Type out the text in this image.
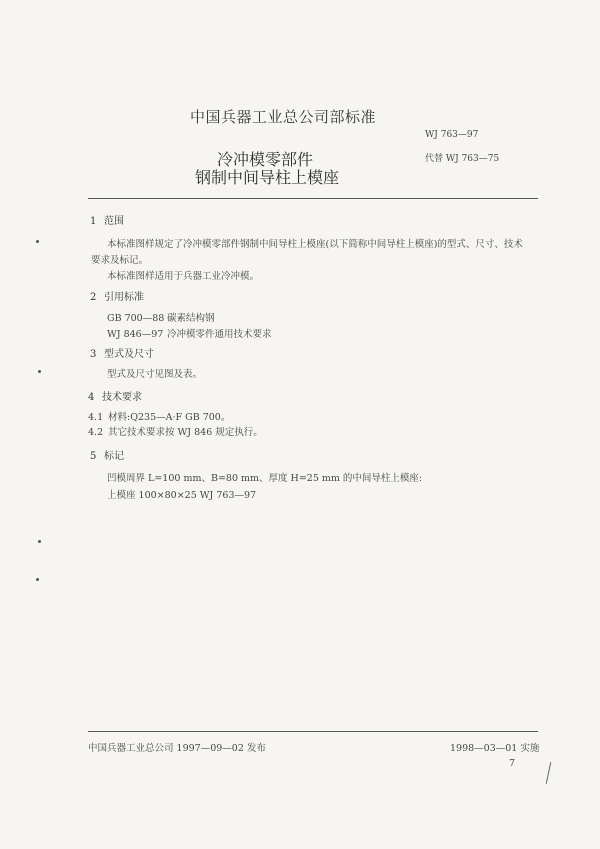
中国兵器工业总公司部标准
WJ 763—97
冷冲模零部件
钢制中间导柱上模座
代替 WJ 763—75
1 范围
本标准图样规定了冷冲模零部件钢制中间导柱上模座(以下简称中间导柱上模座)的型式、尺寸、技术
要求及标记。
本标准图样适用于兵器工业冷冲模。
2 引用标准
GB 700—88 碳素结构钢
WJ 846—97 冷冲模零件通用技术要求
3 型式及尺寸
型式及尺寸见图及表。
4 技术要求
4.1 材料:Q235—A·F GB 700。
4.2 其它技术要求按 WJ 846 规定执行。
5 标记
凹模周界 L=100 mm、B=80 mm、厚度 H=25 mm 的中间导柱上模座:
上模座 100×80×25 WJ 763—97
中国兵器工业总公司 1997—09—02 发布	1998—03—01 实施
7
